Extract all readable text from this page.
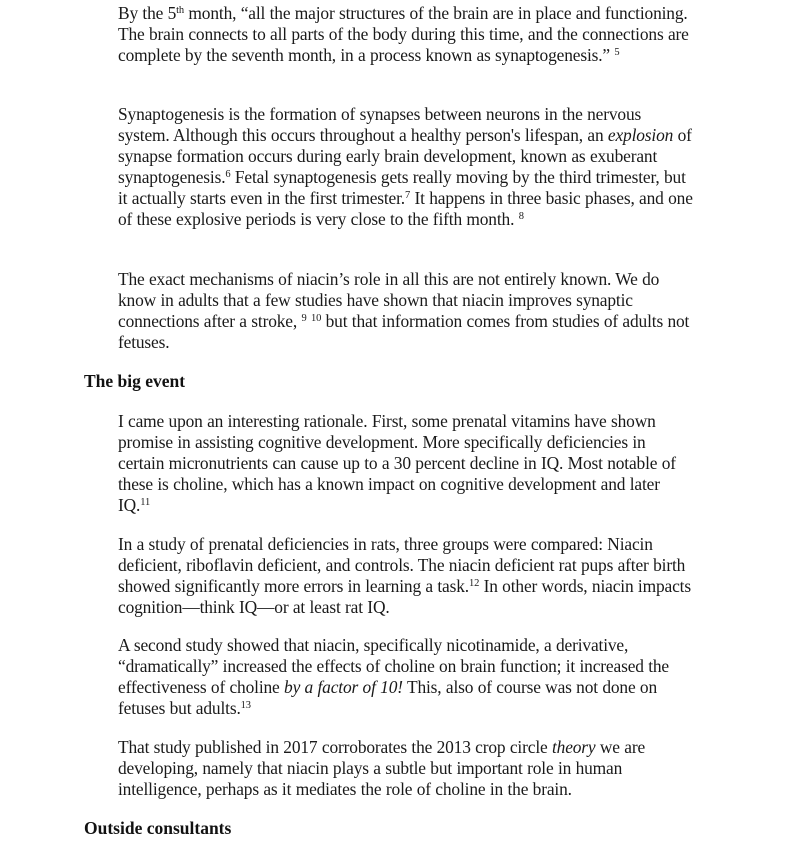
By the 5th month, “all the major structures of the brain are in place and functioning. The brain connects to all parts of the body during this time, and the connections are complete by the seventh month, in a process known as synaptogenesis.” $^5$

Synaptogenesis is the formation of synapses between neurons in the nervous system. Although this occurs throughout a healthy person's lifespan, an explosion of synapse formation occurs during early brain development, known as exuberant synaptogenesis.$^6$ Fetal synaptogenesis gets really moving by the third trimester, but it actually starts even in the first trimester.$^7$ It happens in three basic phases, and one of these explosive periods is very close to the fifth month. $^8$

The exact mechanisms of niacin’s role in all this are not entirely known. We do know in adults that a few studies have shown that niacin improves synaptic connections after a stroke, $^9$ $^{10}$ but that information comes from studies of adults not fetuses.

The big event

I came upon an interesting rationale. First, some prenatal vitamins have shown promise in assisting cognitive development. More specifically deficiencies in certain micronutrients can cause up to a 30 percent decline in IQ. Most notable of these is choline, which has a known impact on cognitive development and later IQ.$^{11}$

In a study of prenatal deficiencies in rats, three groups were compared: Niacin deficient, riboflavin deficient, and controls. The niacin deficient rat pups after birth showed significantly more errors in learning a task.$^{12}$ In other words, niacin impacts cognition—think IQ—or at least rat IQ.

A second study showed that niacin, specifically nicotinamide, a derivative, “dramatically” increased the effects of choline on brain function; it increased the effectiveness of choline by a factor of 10! This, also of course was not done on fetuses but adults.$^{13}$

That study published in 2017 corroborates the 2013 crop circle theory we are developing, namely that niacin plays a subtle but important role in human intelligence, perhaps as it mediates the role of choline in the brain.

Outside consultants
